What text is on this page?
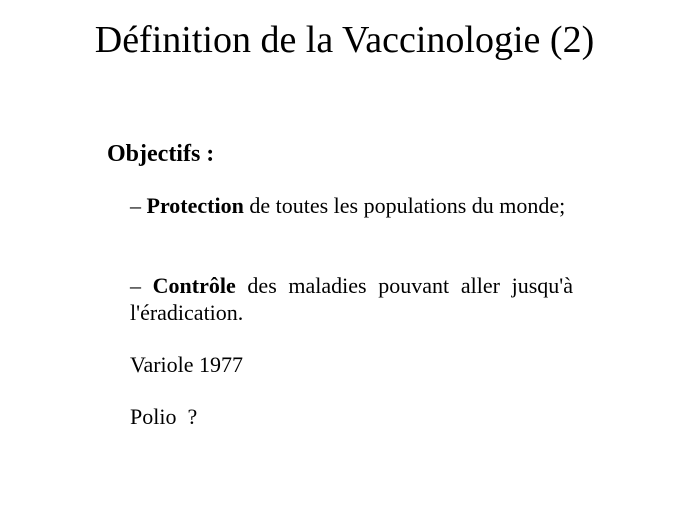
Définition de la Vaccinologie (2)

Objectifs :

– Protection de toutes les populations du monde;

– Contrôle des maladies pouvant aller jusqu'à l'éradication.

Variole 1977

Polio  ?
